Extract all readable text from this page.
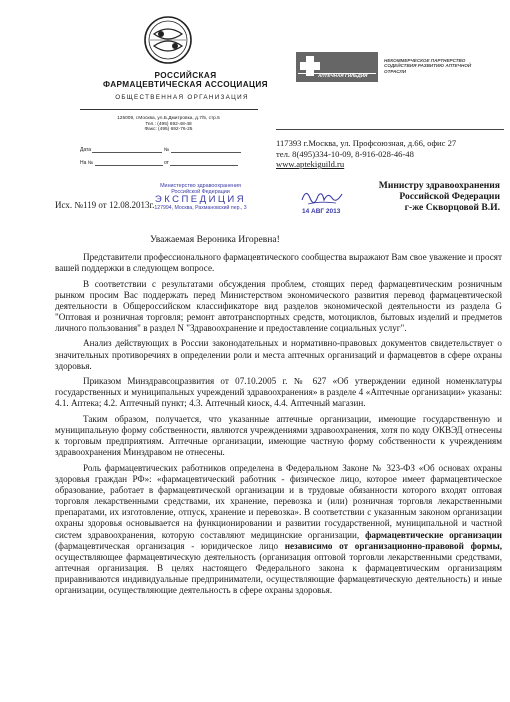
РОССИЙСКАЯ
ФАРМАЦЕВТИЧЕСКАЯ АССОЦИАЦИЯ
ОБЩЕСТВЕННАЯ ОРГАНИЗАЦИЯ
125009, г.Москва, ул.Б.Дмитровка, д.7/5, стр.5
Тел.: (495) 692-48-48
Факс: (495) 692-76-25
Дата	№
На №	от
АПТЕЧНАЯ ГИЛЬДИЯ
НЕКОММЕРЧЕСКОЕ ПАРТНЕРСТВО СОДЕЙСТВИЯ РАЗВИТИЮ АПТЕЧНОЙ ОТРАСЛИ
117393 г.Москва, ул. Профсоюзная, д.66, офис 27
тел. 8(495)334-10-09, 8-916-028-46-48
www.aptekiguild.ru
Министру здравоохранения
Российской Федерации
г-же Скворцовой В.И.
Исх. №119 от 12.08.2013г.
Министерство здравоохранения
Российской Федерации
ЭКСПЕДИЦИЯ
127994, Москва, Рахмановский пер., 3	14 АВГ 2013
Уважаемая Вероника Игоревна!

Представители профессионального фармацевтического сообщества выражают Вам свое уважение и просят вашей поддержки в следующем вопросе.

В соответствии с результатами обсуждения проблем, стоящих перед фармацевтическим розничным рынком просим Вас поддержать перед Министерством экономического развития перевод фармацевтической деятельности в Общероссийском классификаторе вид разделов экономической деятельности из раздела G "Оптовая и розничная торговля; ремонт автотранспортных средств, мотоциклов, бытовых изделий и предметов личного пользования" в раздел N "Здравоохранение и предоставление социальных услуг".

Анализ действующих в России законодательных и нормативно-правовых документов свидетельствует о значительных противоречиях в определении роли и места аптечных организаций и фармацевтов в сфере охраны здоровья.

Приказом Минздравсоцразвития от 07.10.2005 г. № 627 «Об утверждении единой номенклатуры государственных и муниципальных учреждений здравоохранения» в разделе 4 «Аптечные организации» указаны: 4.1. Аптека; 4.2. Аптечный пункт; 4.3. Аптечный киоск, 4.4. Аптечный магазин.

Таким образом, получается, что указанные аптечные организации, имеющие государственную и муниципальную форму собственности, являются учреждениями здравоохранения, хотя по коду ОКВЭД отнесены к торговым предприятиям. Аптечные организации, имеющие частную форму собственности к учреждениям здравоохранения Минздравом не отнесены.

Роль фармацевтических работников определена в Федеральном Законе № 323-ФЗ «Об основах охраны здоровья граждан РФ»: «фармацевтический работник - физическое лицо, которое имеет фармацевтическое образование, работает в фармацевтической организации и в трудовые обязанности которого входят оптовая торговля лекарственными средствами, их хранение, перевозка и (или) розничная торговля лекарственными препаратами, их изготовление, отпуск, хранение и перевозка». В соответствии с указанным законом организации охраны здоровья основывается на функционировании и развитии государственной, муниципальной и частной систем здравоохранения, которую составляют медицинские организации, фармацевтические организации (фармацевтическая организация - юридическое лицо независимо от организационно-правовой формы, осуществляющее фармацевтическую деятельность (организация оптовой торговли лекарственными средствами, аптечная организация. В целях настоящего Федерального закона к фармацевтическим организациям приравниваются индивидуальные предприниматели, осуществляющие фармацевтическую деятельность) и иные организации, осуществляющие деятельность в сфере охраны здоровья.
